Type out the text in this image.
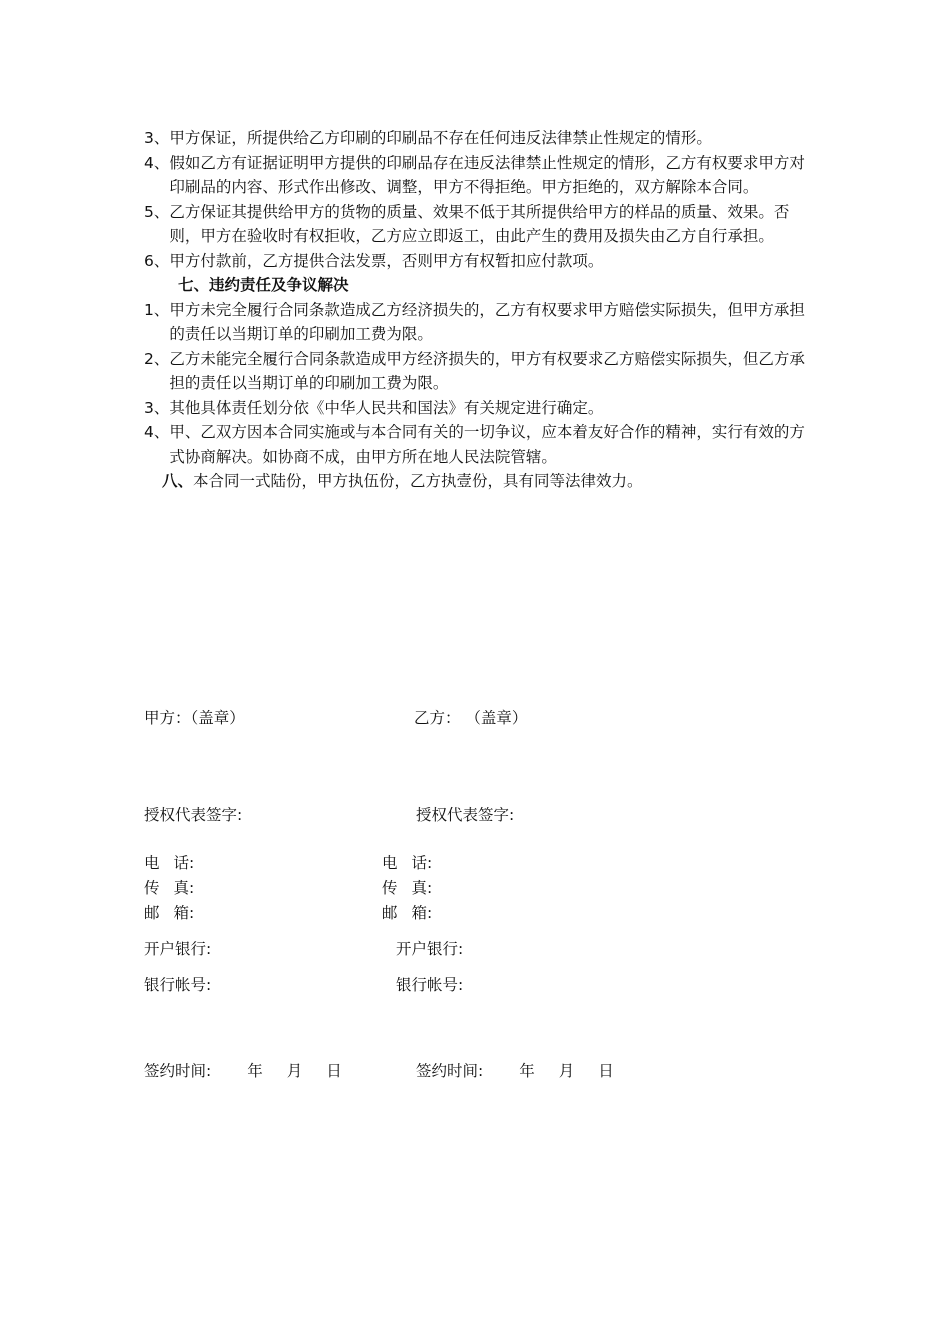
3、 甲方保证，所提供给乙方印刷的印刷品不存在任何违反法律禁止性规定的情形。
4、 假如乙方有证据证明甲方提供的印刷品存在违反法律禁止性规定的情形，乙方有权要求甲方对印刷品的内容、形式作出修改、调整，甲方不得拒绝。甲方拒绝的，双方解除本合同。
5、 乙方保证其提供给甲方的货物的质量、效果不低于其所提供给甲方的样品的质量、效果。否则，甲方在验收时有权拒收，乙方应立即返工，由此产生的费用及损失由乙方自行承担。
6、 甲方付款前，乙方提供合法发票，否则甲方有权暂扣应付款项。
七、违约责任及争议解决
1、 甲方未完全履行合同条款造成乙方经济损失的，乙方有权要求甲方赔偿实际损失，但甲方承担的责任以当期订单的印刷加工费为限。
2、 乙方未能完全履行合同条款造成甲方经济损失的，甲方有权要求乙方赔偿实际损失，但乙方承担的责任以当期订单的印刷加工费为限。
3、 其他具体责任划分依《中华人民共和国法》有关规定进行确定。
4、 甲、乙双方因本合同实施或与本合同有关的一切争议，应本着友好合作的精神，实行有效的方式协商解决。如协商不成，由甲方所在地人民法院管辖。
八、本合同一式陆份，甲方执伍份，乙方执壹份，具有同等法律效力。
甲方：（盖章）	乙方： （盖章）
授权代表签字:	授权代表签字:
电 话:	电 话:
传 真:	传 真:
邮 箱:	邮 箱:
开户银行:	开户银行:
银行帐号:	银行帐号:
签约时间: 年 月 日	签约时间: 年 月 日
